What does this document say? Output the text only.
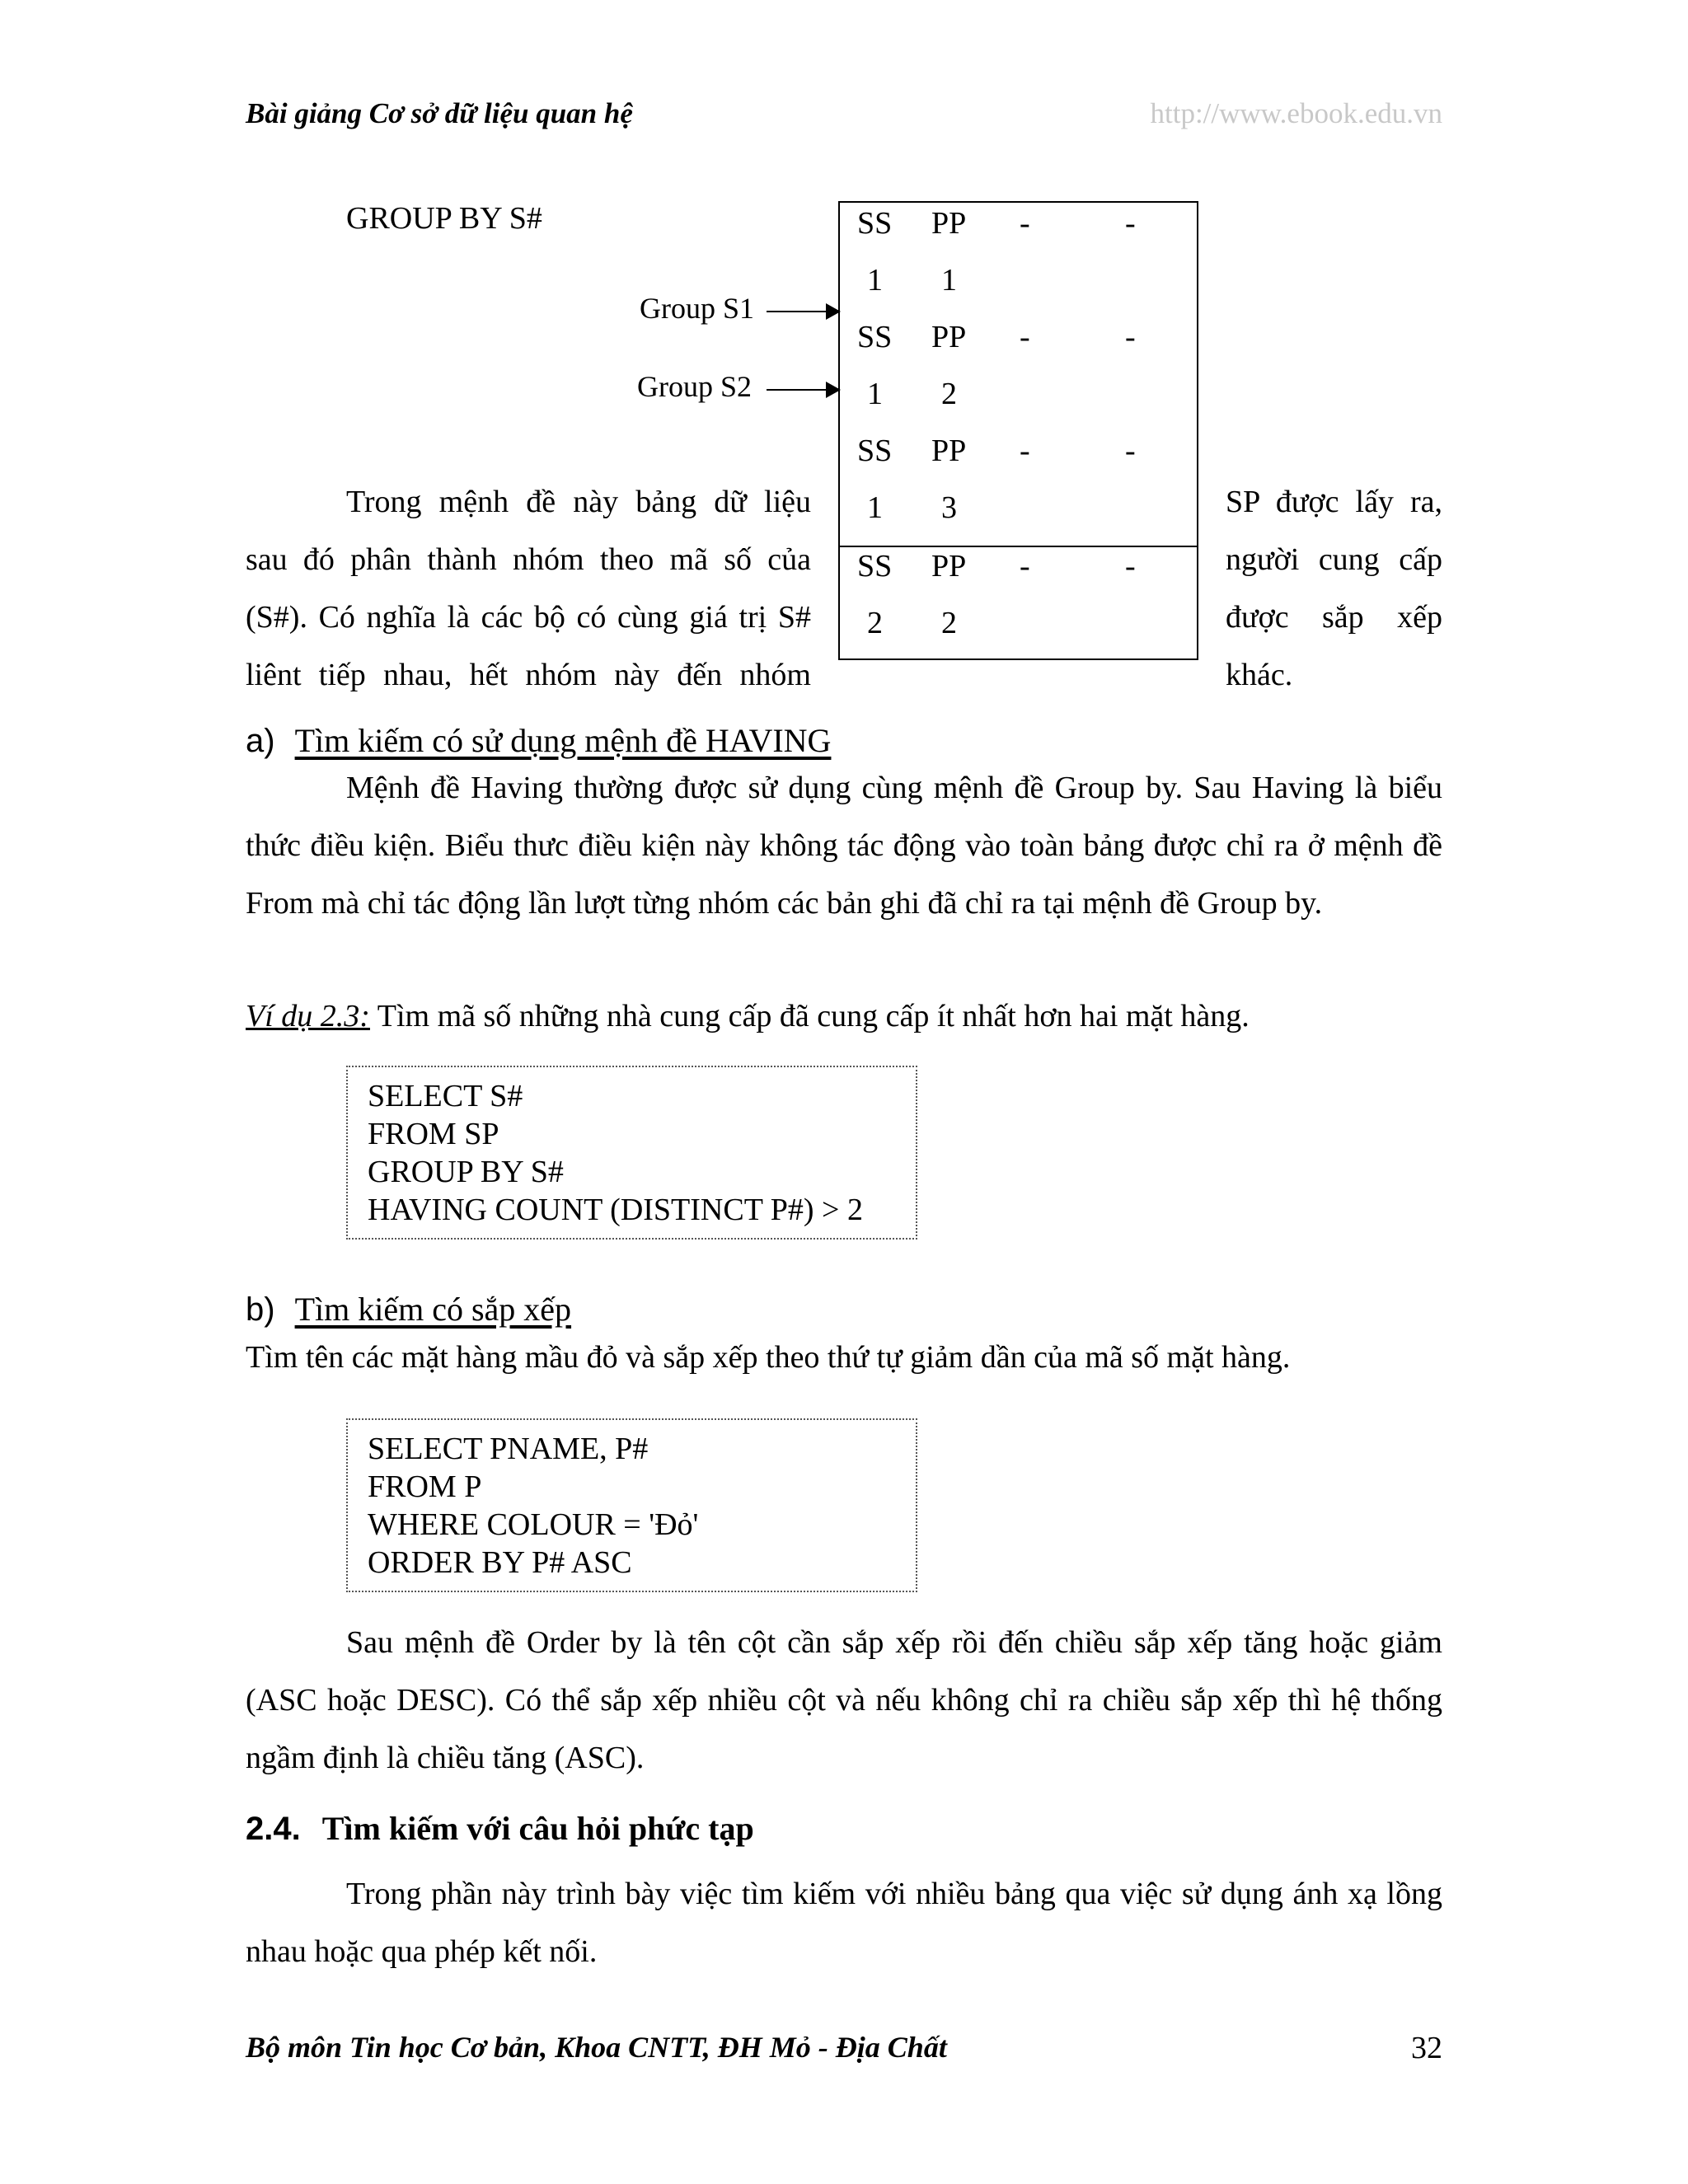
Bài giảng Cơ sở dữ liệu quan hệ	http://www.ebook.edu.vn
GROUP BY S#
Group S1
Group S2
SS PP -	-
1 1
SS PP -	-
1 2
SS PP -	-
1 3
SS PP -	-
2 2
Trong mệnh đề này bảng dữ liệu
sau đó phân thành nhóm theo mã số của
(S#). Có nghĩa là các bộ có cùng giá trị S#
liênt tiếp nhau, hết nhóm này đến nhóm
SP được lấy ra,
người cung cấp
được sắp xếp
khác.
a) Tìm kiếm có sử dụng mệnh đề HAVING
Mệnh đề Having thường được sử dụng cùng mệnh đề Group by. Sau Having là biểu thức điều kiện. Biểu thưc điều kiện này không tác động vào toàn bảng được chỉ ra ở mệnh đề From mà chỉ tác động lần lượt từng nhóm các bản ghi đã chỉ ra tại mệnh đề Group by.
Ví dụ 2.3: Tìm mã số những nhà cung cấp đã cung cấp ít nhất hơn hai mặt hàng.
SELECT S#
FROM SP
GROUP BY S#
HAVING COUNT (DISTINCT P#) > 2
b) Tìm kiếm có sắp xếp
Tìm tên các mặt hàng mầu đỏ và sắp xếp theo thứ tự giảm dần của mã số mặt hàng.
SELECT PNAME, P#
FROM P
WHERE COLOUR = 'Đỏ'
ORDER BY P# ASC
Sau mệnh đề Order by là tên cột cần sắp xếp rồi đến chiều sắp xếp tăng hoặc giảm (ASC hoặc DESC). Có thể sắp xếp nhiều cột và nếu không chỉ ra chiều sắp xếp thì hệ thống ngầm định là chiều tăng (ASC).
2.4. Tìm kiếm với câu hỏi phức tạp
Trong phần này trình bày việc tìm kiếm với nhiều bảng qua việc sử dụng ánh xạ lồng nhau hoặc qua phép kết nối.
Bộ môn Tin học Cơ bản, Khoa CNTT, ĐH Mỏ - Địa Chất	32
